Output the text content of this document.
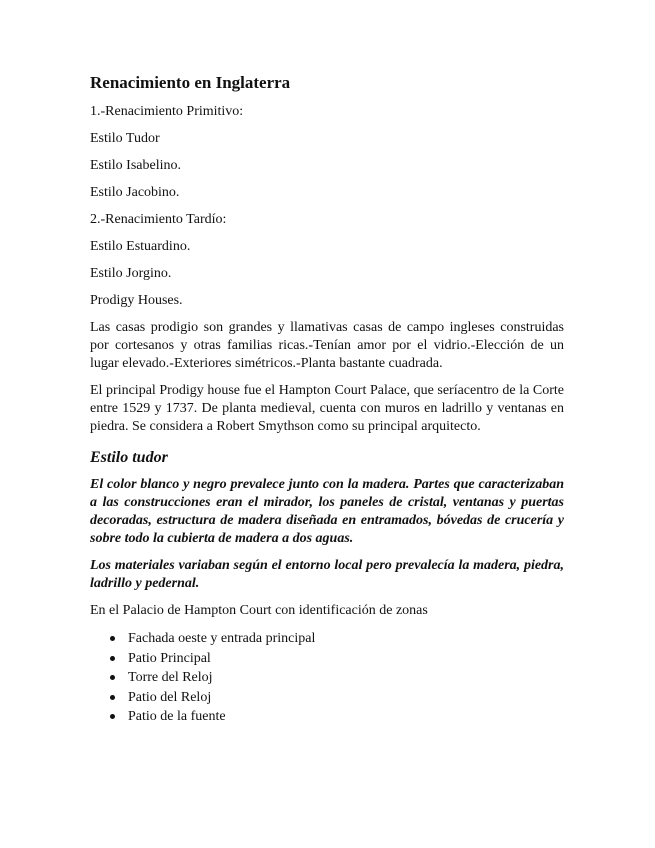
Renacimiento en Inglaterra
1.-Renacimiento Primitivo:
Estilo Tudor
Estilo Isabelino.
Estilo Jacobino.
2.-Renacimiento Tardío:
Estilo Estuardino.
Estilo Jorgino.
Prodigy Houses.
Las casas prodigio son grandes y llamativas casas de campo ingleses construidas por cortesanos y otras familias ricas.-Tenían amor por el vidrio.-Elección de un lugar elevado.-Exteriores simétricos.-Planta bastante cuadrada.
El principal Prodigy house fue el Hampton Court Palace, que seríacentro de la Corte entre 1529 y 1737. De planta medieval, cuenta con muros en ladrillo y ventanas en piedra. Se considera a Robert Smythson como su principal arquitecto.
Estilo tudor
El color blanco y negro prevalece junto con la madera. Partes que caracterizaban a las construcciones eran el mirador, los paneles de cristal, ventanas y puertas decoradas, estructura de madera diseñada en entramados, bóvedas de crucería y sobre todo la cubierta de madera a dos aguas.
Los materiales variaban según el entorno local pero prevalecía la madera, piedra, ladrillo y pedernal.
En el Palacio de Hampton Court con identificación de zonas
Fachada oeste y entrada principal
Patio Principal
Torre del Reloj
Patio del Reloj
Patio de la fuente
